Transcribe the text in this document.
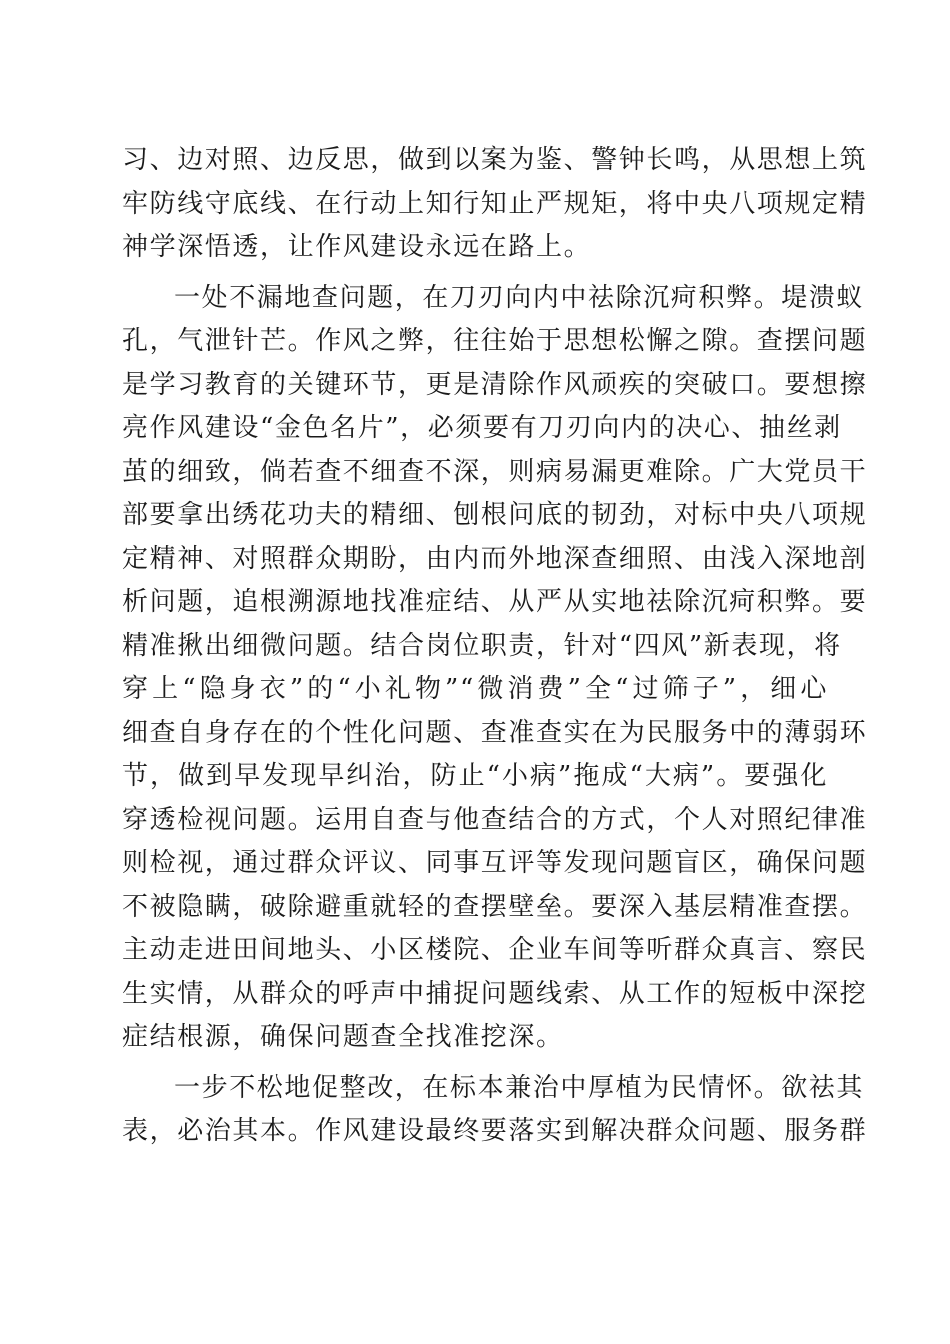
习、边对照、边反思，做到以案为鉴、警钟长鸣，从思想上筑
牢防线守底线、在行动上知行知止严规矩，将中央八项规定精
神学深悟透，让作风建设永远在路上。
一处不漏地查问题，在刀刃向内中祛除沉疴积弊。堤溃蚁
孔，气泄针芒。作风之弊，往往始于思想松懈之隙。查摆问题
是学习教育的关键环节，更是清除作风顽疾的突破口。要想擦
亮作风建设“金色名片”，必须要有刀刃向内的决心、抽丝剥
茧的细致，倘若查不细查不深，则病易漏更难除。广大党员干
部要拿出绣花功夫的精细、刨根问底的韧劲，对标中央八项规
定精神、对照群众期盼，由内而外地深查细照、由浅入深地剖
析问题，追根溯源地找准症结、从严从实地祛除沉疴积弊。要
精准揪出细微问题。结合岗位职责，针对“四风”新表现，将
穿上“隐身衣”的“小礼物”“微消费”全“过筛子”，细心
细查自身存在的个性化问题、查准查实在为民服务中的薄弱环
节，做到早发现早纠治，防止“小病”拖成“大病”。要强化
穿透检视问题。运用自查与他查结合的方式，个人对照纪律准
则检视，通过群众评议、同事互评等发现问题盲区，确保问题
不被隐瞒，破除避重就轻的查摆壁垒。要深入基层精准查摆。
主动走进田间地头、小区楼院、企业车间等听群众真言、察民
生实情，从群众的呼声中捕捉问题线索、从工作的短板中深挖
症结根源，确保问题查全找准挖深。
一步不松地促整改，在标本兼治中厚植为民情怀。欲祛其
表，必治其本。作风建设最终要落实到解决群众问题、服务群
